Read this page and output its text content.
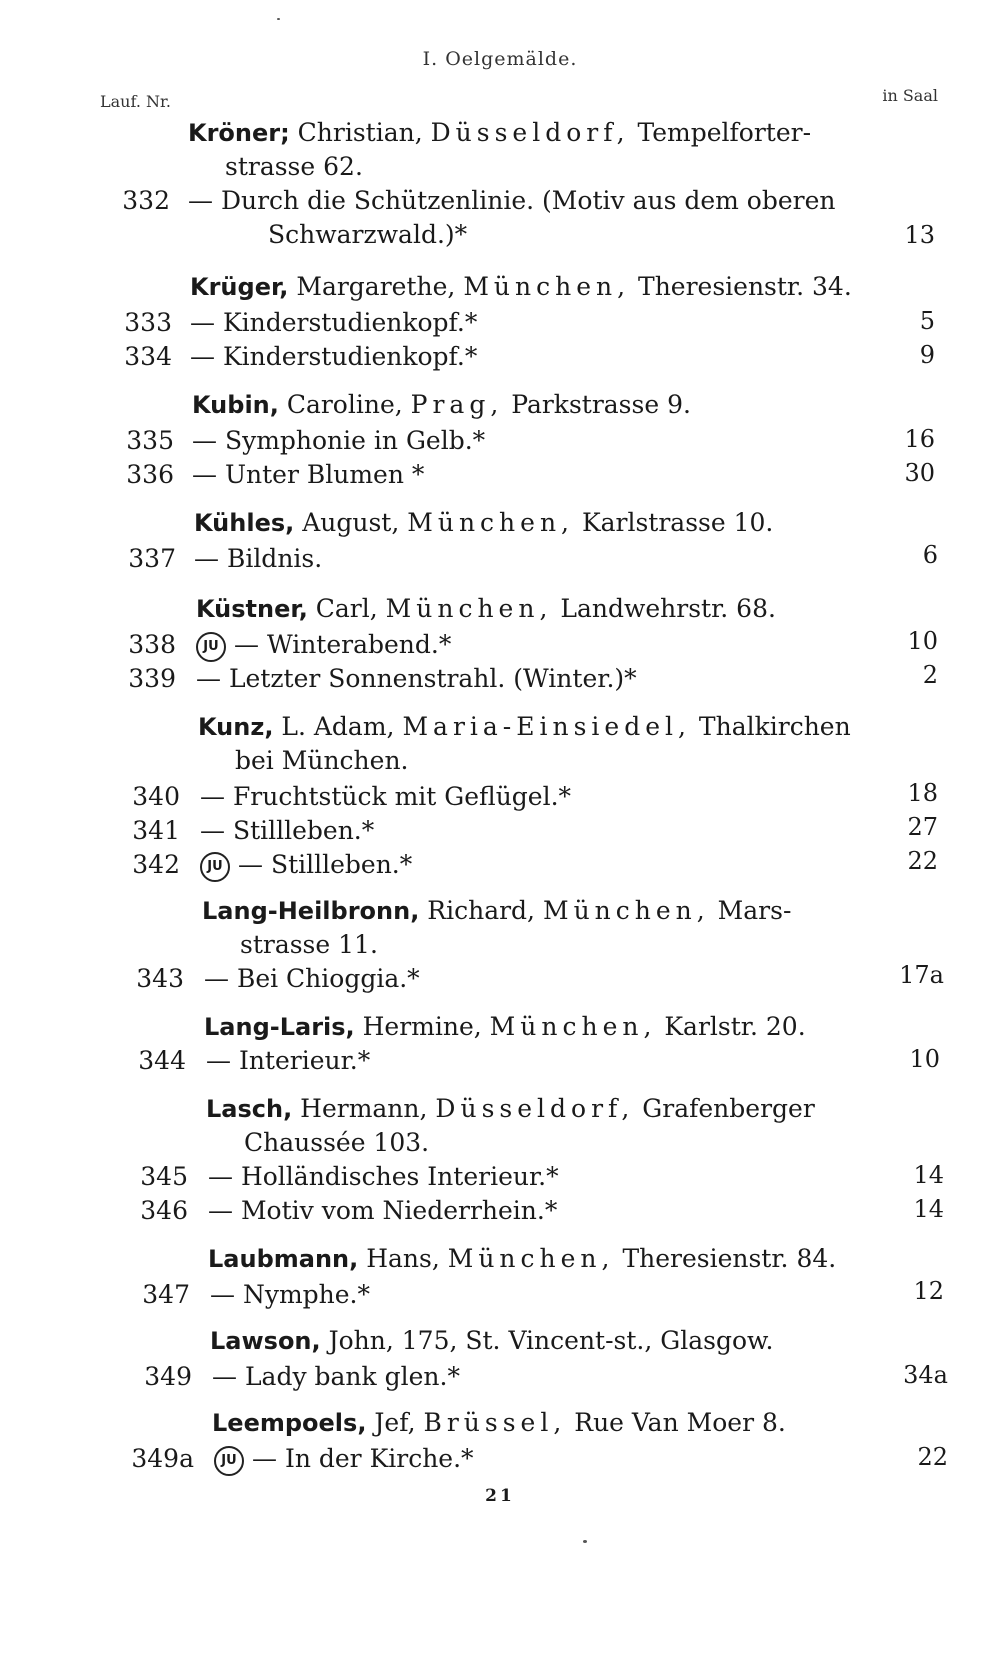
I. Oelgemälde.
Lauf. Nr.	in Saal
Kröner; Christian, Düsseldorf, Tempelforter-
strasse 62.
332 — Durch die Schützenlinie. (Motiv aus dem oberen
Schwarzwald.)*	13
Krüger, Margarethe, München, Theresienstr. 34.
333 — Kinderstudienkopf.*	5
334 — Kinderstudienkopf.*	9
Kubin, Caroline, Prag, Parkstrasse 9.
335 — Symphonie in Gelb.*	16
336 — Unter Blumen *	30
Kühles, August, München, Karlstrasse 10.
337 — Bildnis.	6
Küstner, Carl, München, Landwehrstr. 68.
338	JU — Winterabend.*	10
339 — Letzter Sonnenstrahl. (Winter.)*	2
Kunz, L. Adam, Maria-Einsiedel, Thalkirchen
bei München.
340 — Fruchtstück mit Geflügel.*	18
341 — Stillleben.*	27
342	JU — Stillleben.*	22
Lang-Heilbronn, Richard, München, Mars-
strasse 11.
343 — Bei Chioggia.*	17a
Lang-Laris, Hermine, München, Karlstr. 20.
344 — Interieur.*	10
Lasch, Hermann, Düsseldorf, Grafenberger
Chaussée 103.
345 — Holländisches Interieur.*	14
346 — Motiv vom Niederrhein.*	14
Laubmann, Hans, München, Theresienstr. 84.
347 — Nymphe.*	12
Lawson, John, 175, St. Vincent-st., Glasgow.
349 — Lady bank glen.*	34a
Leempoels, Jef, Brüssel, Rue Van Moer 8.
349a	JU — In der Kirche.*	22
21
